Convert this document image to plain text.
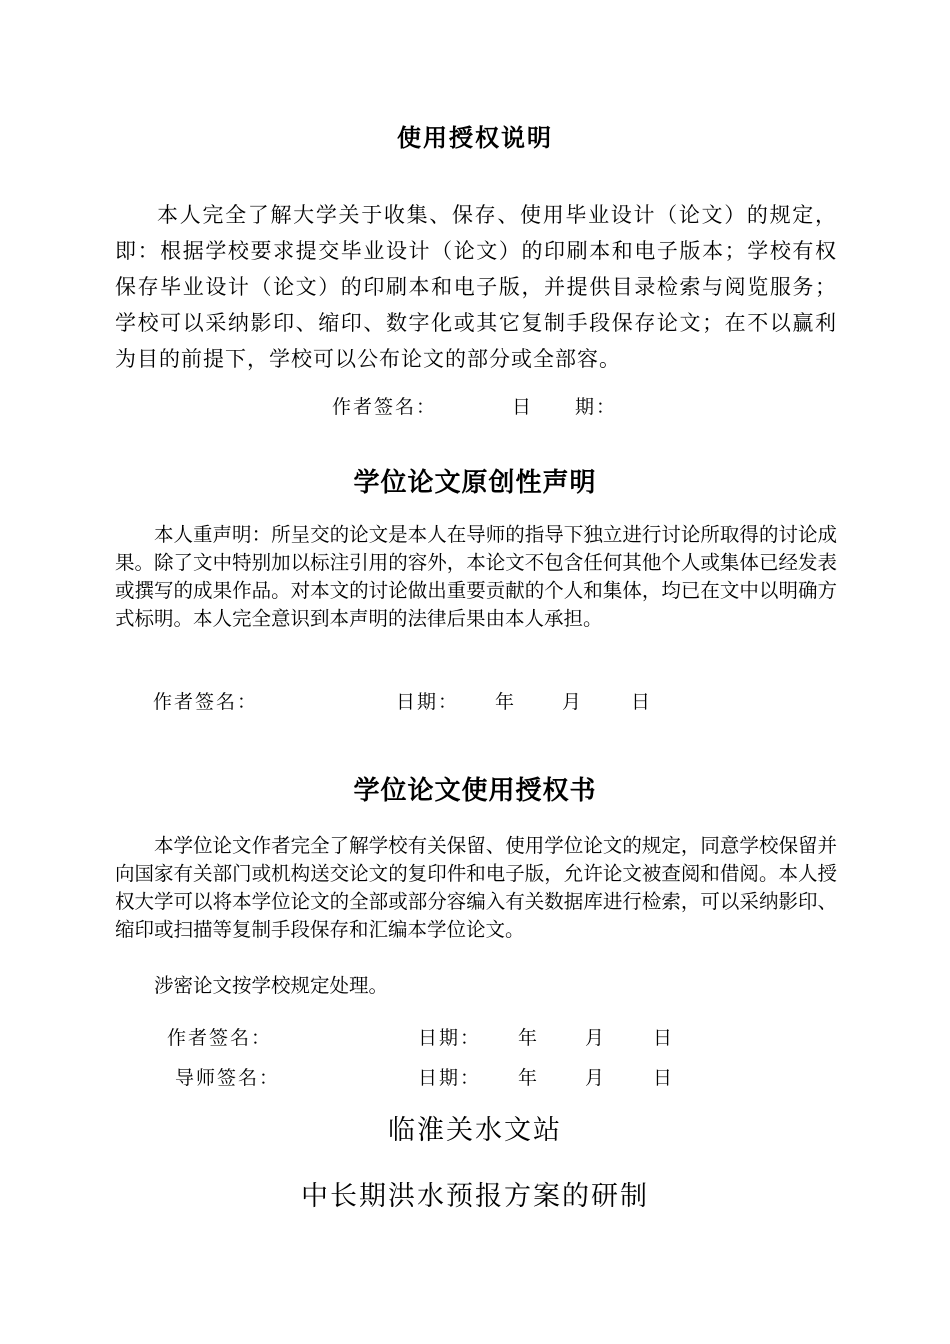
使用授权说明

本人完全了解大学关于收集、保存、使用毕业设计（论文）的规定，即：根据学校要求提交毕业设计（论文）的印刷本和电子版本；学校有权保存毕业设计（论文）的印刷本和电子版，并提供目录检索与阅览服务；学校可以采纳影印、缩印、数字化或其它复制手段保存论文；在不以赢利为目的前提下，学校可以公布论文的部分或全部容。

作者签名：	日　　期：
学位论文原创性声明

本人重声明：所呈交的论文是本人在导师的指导下独立进行讨论所取得的讨论成果。除了文中特别加以标注引用的容外，本论文不包含任何其他个人或集体已经发表或撰写的成果作品。对本文的讨论做出重要贡献的个人和集体，均已在文中以明确方式标明。本人完全意识到本声明的法律后果由本人承担。

作者签名：	日期： 年 月	日
学位论文使用授权书

本学位论文作者完全了解学校有关保留、使用学位论文的规定，同意学校保留并向国家有关部门或机构送交论文的复印件和电子版，允许论文被查阅和借阅。本人授权大学可以将本学位论文的全部或部分容编入有关数据库进行检索，可以采纳影印、缩印或扫描等复制手段保存和汇编本学位论文。

涉密论文按学校规定处理。

作者签名：	日期： 年 月 日
导师签名：	日期： 年 月 日
临淮关水文站
中长期洪水预报方案的研制
